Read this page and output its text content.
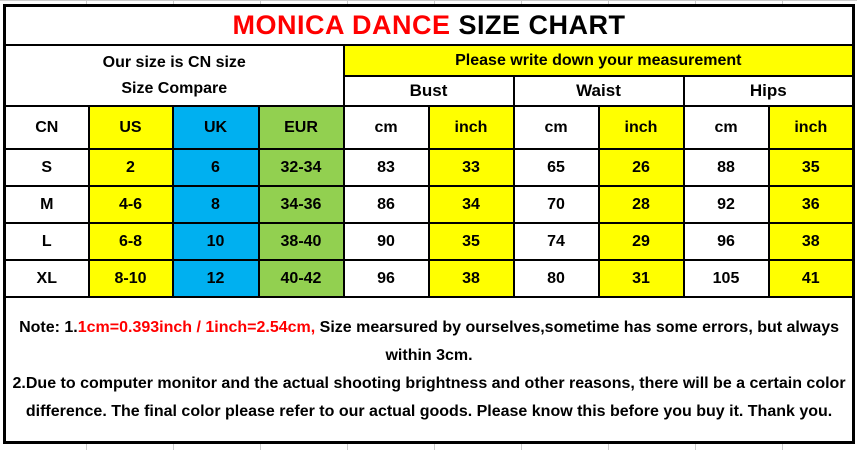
MONICA DANCE SIZE CHART									

Our size is CN size
Size Compare				Please write down your measurement					
				Bust		Waist		Hips	
CN	US	UK	EUR	cm	inch	cm	inch	cm	inch
S	2	6	32-34	83	33	65	26	88	35
M	4-6	8	34-36	86	34	70	28	92	36
L	6-8	10	38-40	90	35	74	29	96	38
XL	8-10	12	40-42	96	38	80	31	105	41

Note: 1.1cm=0.393inch / 1inch=2.54cm, Size mearsured by ourselves,sometime has some errors, but always within 3cm.
2.Due to computer monitor and the actual shooting brightness and other reasons, there will be a certain color difference. The final color please refer to our actual goods. Please know this before you buy it. Thank you.									
